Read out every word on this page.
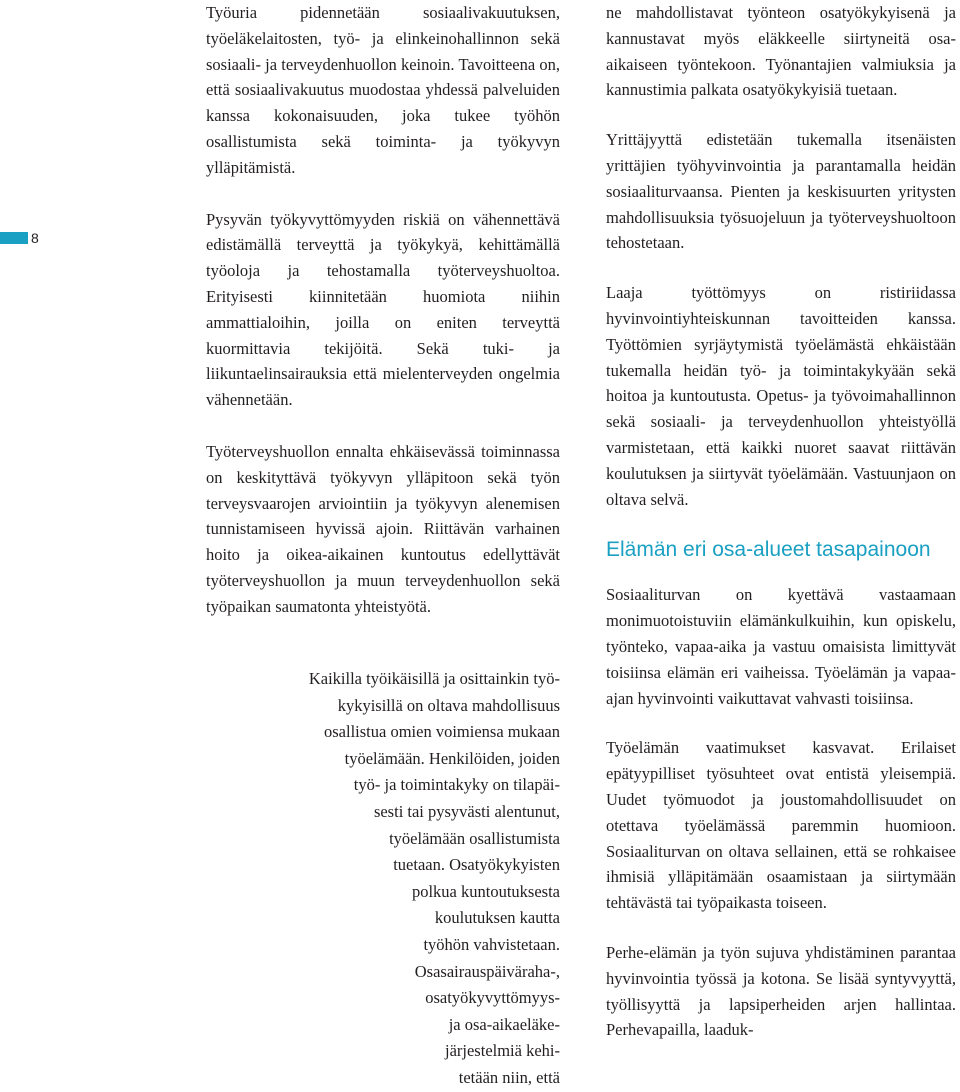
8

Työuria pidennetään sosiaalivakuutuksen, työeläkelaitosten, työ- ja elinkeinohallinnon sekä sosiaali- ja terveydenhuollon keinoin. Tavoitteena on, että sosiaalivakuutus muodostaa yhdessä palveluiden kanssa kokonaisuuden, joka tukee työhön osallistumista sekä toiminta- ja työkyvyn ylläpitämistä.

Pysyvän työkyvyttömyyden riskiä on vähennettävä edistämällä terveyttä ja työkykyä, kehittämällä työoloja ja tehostamalla työterveyshuoltoa. Erityisesti kiinnitetään huomiota niihin ammattialoihin, joilla on eniten terveyttä kuormittavia tekijöitä. Sekä tuki- ja liikuntaelinsairauksia että mielenterveyden ongelmia vähennetään.

Työterveyshuollon ennalta ehkäisevässä toiminnassa on keskityttävä työkyvyn ylläpitoon sekä työn terveysvaarojen arviointiin ja työkyvyn alenemisen tunnistamiseen hyvissä ajoin. Riittävän varhainen hoito ja oikea-aikainen kuntoutus edellyttävät työterveyshuollon ja muun terveydenhuollon sekä työpaikan saumatonta yhteistyötä.

Kaikilla työikäisillä ja osittainkin työ-
kykyisillä on oltava mahdollisuus
osallistua omien voimiensa mukaan
työelämään. Henkilöiden, joiden
työ- ja toimintakyky on tilapäi-
sesti tai pysyvästi alentunut,
työelämään osallistumista
tuetaan. Osatyökykyisten
polkua kuntoutuksesta
koulutuksen kautta
työhön vahvistetaan.
Osasairauspäiväraha-,
osatyökyvyttömyys-
ja osa-aikaeläke-
järjestelmiä kehi-
tetään niin, että

ne mahdollistavat työnteon osatyökykyisenä ja kannustavat myös eläkkeelle siirtyneitä osa-aikaiseen työntekoon. Työnantajien valmiuksia ja kannustimia palkata osatyökykyisiä tuetaan.

Yrittäjyyttä edistetään tukemalla itsenäisten yrittäjien työhyvinvointia ja parantamalla heidän sosiaaliturvaansa. Pienten ja keskisuurten yritysten mahdollisuuksia työsuojeluun ja työterveyshuoltoon tehostetaan.

Laaja työttömyys on ristiriidassa hyvinvointiyhteiskunnan tavoitteiden kanssa. Työttömien syrjäytymistä työelämästä ehkäistään tukemalla heidän työ- ja toimintakykyään sekä hoitoa ja kuntoutusta. Opetus- ja työvoimahallinnon sekä sosiaali- ja terveydenhuollon yhteistyöllä varmistetaan, että kaikki nuoret saavat riittävän koulutuksen ja siirtyvät työelämään. Vastuunjaon on oltava selvä.

Elämän eri osa-alueet tasapainoon

Sosiaaliturvan on kyettävä vastaamaan monimuotoistuviin elämänkulkuihin, kun opiskelu, työnteko, vapaa-aika ja vastuu omaisista limittyvät toisiinsa elämän eri vaiheissa. Työelämän ja vapaa-ajan hyvinvointi vaikuttavat vahvasti toisiinsa.

Työelämän vaatimukset kasvavat. Erilaiset epätyypilliset työsuhteet ovat entistä yleisempiä. Uudet työmuodot ja joustomahdollisuudet on otettava työelämässä paremmin huomioon. Sosiaaliturvan on oltava sellainen, että se rohkaisee ihmisiä ylläpitämään osaamistaan ja siirtymään tehtävästä tai työpaikasta toiseen.

Perhe-elämän ja työn sujuva yhdistäminen parantaa hyvinvointia työssä ja kotona. Se lisää syntyvyyttä, työllisyyttä ja lapsiperheiden arjen hallintaa. Perhevapailla, laaduk-
